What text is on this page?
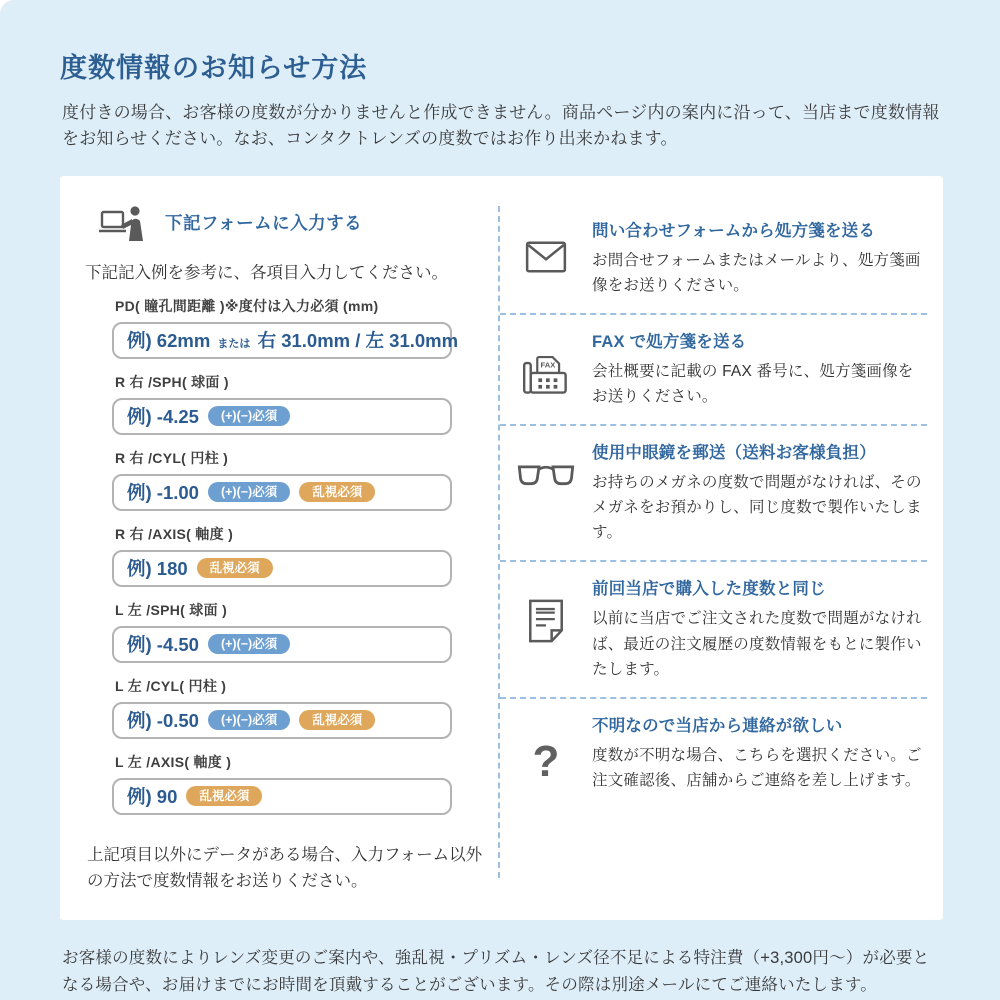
度数情報のお知らせ方法

度付きの場合、お客様の度数が分かりませんと作成できません。商品ページ内の案内に沿って、当店まで度数情報をお知らせください。なお、コンタクトレンズの度数ではお作り出来かねます。

下記フォームに入力する

下記記入例を参考に、各項目入力してください。

PD( 瞳孔間距離 )※度付は入力必須 (mm)
例) 62mm または 右 31.0mm / 左 31.0mm
R 右 /SPH( 球面 )
例) -4.25	(+)(−)必須
R 右 /CYL( 円柱 )
例) -1.00	(+)(−)必須	乱視必須
R 右 /AXIS( 軸度 )
例) 180	乱視必須
L 左 /SPH( 球面 )
例) -4.50	(+)(−)必須
L 左 /CYL( 円柱 )
例) -0.50	(+)(−)必須	乱視必須
L 左 /AXIS( 軸度 )
例) 90	乱視必須

上記項目以外にデータがある場合、入力フォーム以外の方法で度数情報をお送りください。

問い合わせフォームから処方箋を送る

お問合せフォームまたはメールより、処方箋画像をお送りください。

FAX

FAX で処方箋を送る

会社概要に記載の FAX 番号に、処方箋画像をお送りください。

使用中眼鏡を郵送（送料お客様負担）

お持ちのメガネの度数で問題がなければ、そのメガネをお預かりし、同じ度数で製作いたします。

前回当店で購入した度数と同じ

以前に当店でご注文された度数で問題がなければ、最近の注文履歴の度数情報をもとに製作いたします。

?

不明なので当店から連絡が欲しい

度数が不明な場合、こちらを選択ください。ご注文確認後、店舗からご連絡を差し上げます。

お客様の度数によりレンズ変更のご案内や、強乱視・プリズム・レンズ径不足による特注費（+3,300円〜）が必要となる場合や、お届けまでにお時間を頂戴することがございます。その際は別途メールにてご連絡いたします。
